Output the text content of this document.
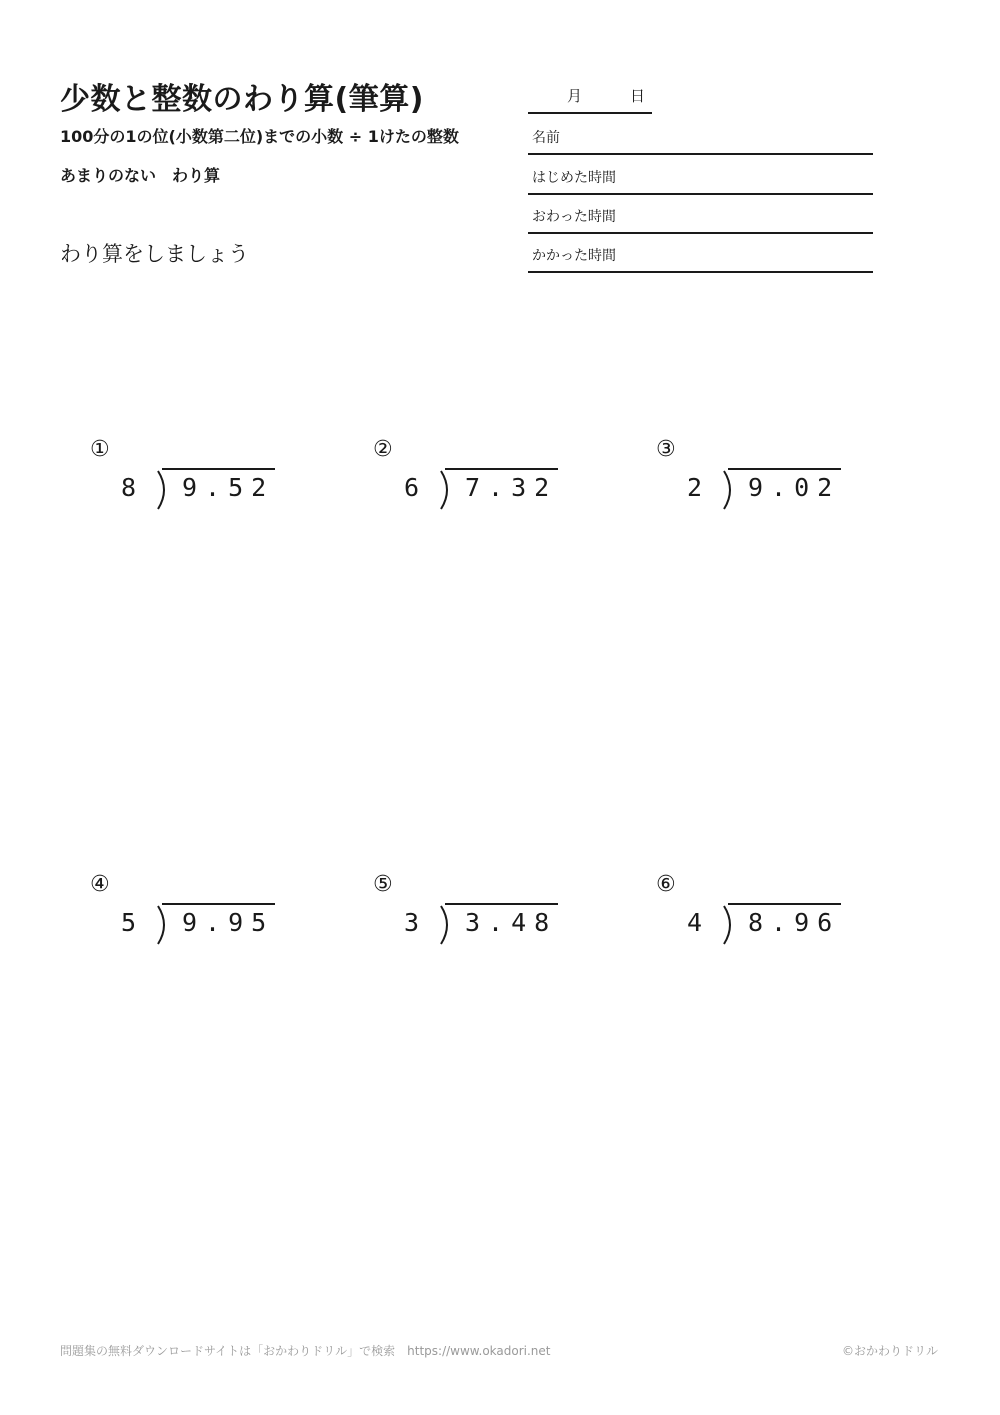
少数と整数のわり算(筆算)
100分の1の位(小数第二位)までの小数 ÷ 1けたの整数
あまりのない　わり算
わり算をしましょう
月	日
名前
はじめた時間
おわった時間
かかった時間
①
8 9.52
②
6 7.32
③
2 9.02
④
5 9.95
⑤
3 3.48
⑥
4 8.96
問題集の無料ダウンロードサイトは「おかわりドリル」で検索　https://www.okadori.net	©おかわりドリル
